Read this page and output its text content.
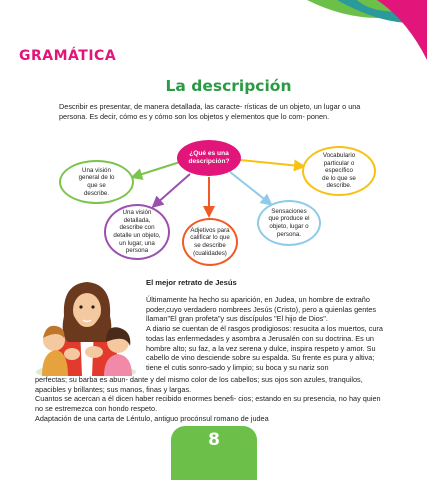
GRAMÁTICA
La descripción

Describir es presentar, de manera detallada, las caracte- rísticas de un objeto, un lugar o una persona. Es decir, cómo es y cómo son los objetos y elementos que lo com- ponen.

¿Qué es una
descripción?
Una visión
general de lo
que se
describe.
Vocabulario
particular o
específico
de lo que se
describe.
Una visión
detallada,
describe con
detalle un objeto,
un lugar, una
persona
Adjetivos para
calificar lo que
se describe
(cualidades)
Sensaciones
que produce el
objeto, lugar o
persona.
El mejor retrato de Jesús

Últimamente ha hecho su aparición, en Judea, un hombre de extraño poder,cuyo verdadero nombrees Jesús (Cristo), pero a quienlas gentes llaman"El gran profeta"y sus discípulos "El hijo de Dios".

A diario se cuentan de él rasgos prodigiosos: resucita a los muertos, cura todas las enfermedades y asombra a Jerusalén con su doctrina. Es un hombre alto; su faz, a la vez serena y dulce, inspira respeto y amor. Su cabello de vino desciende sobre su espalda. Su frente es pura y altiva; tiene el cutis sonro-sado y limpio; su boca y su nariz son

perfectas; su barba es abun- dante y del mismo color de los cabellos; sus ojos son azules, tranquilos, apacibles y brillantes; sus manos, finas y largas.

Cuantos se acercan a él dicen haber recibido enormes benefi- cios; estando en su presencia, no hay quien no se estremezca con hondo respeto.

Adaptación de una carta de Léntulo, antiguo procónsul romano de judea

8
